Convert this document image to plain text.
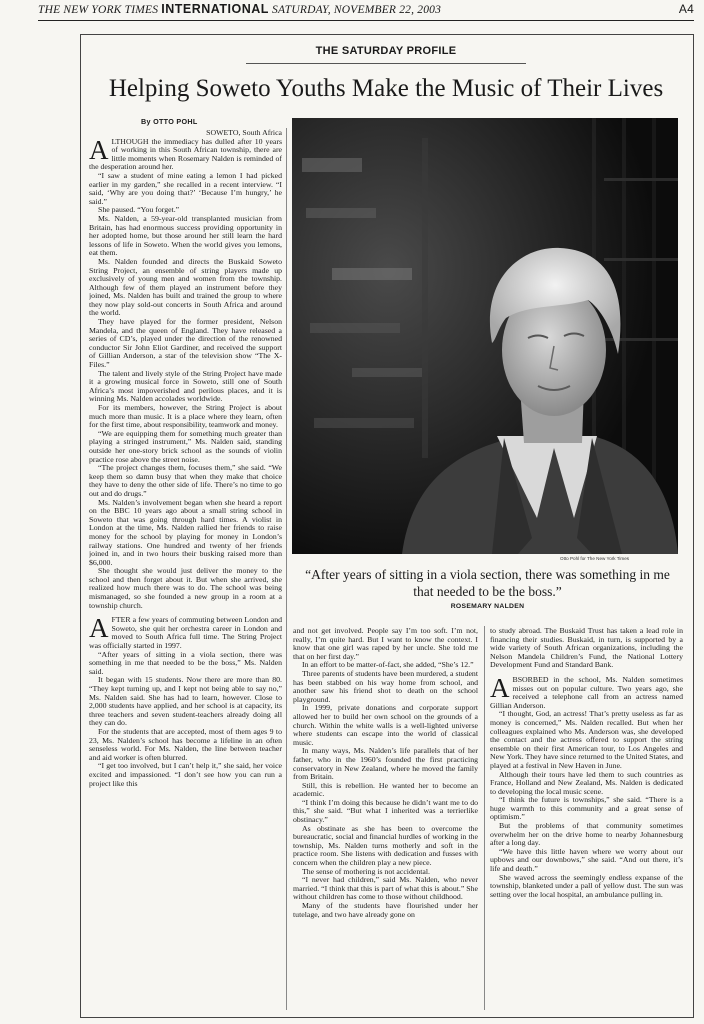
THE NEW YORK TIMES INTERNATIONAL SATURDAY, NOVEMBER 22, 2003	A4
THE SATURDAY PROFILE
Helping Soweto Youths Make the Music of Their Lives
By OTTO POHL

SOWETO, South Africa

ALTHOUGH the immediacy has dulled after 10 years of working in this South African township, there are little moments when Rosemary Nalden is reminded of the desperation around her.

“I saw a student of mine eating a lemon I had picked earlier in my garden,” she recalled in a recent interview. “I said, ‘Why are you doing that?’ ‘Because I’m hungry,’ he said.”

She paused. “You forget.”

Ms. Nalden, a 59-year-old transplanted musician from Britain, has had enormous success providing opportunity in her adopted home, but those around her still learn the hard lessons of life in Soweto. When the world gives you lemons, eat them.

Ms. Nalden founded and directs the Buskaid Soweto String Project, an ensemble of string players made up exclusively of young men and women from the township. Although few of them played an instrument before they joined, Ms. Nalden has built and trained the group to where they now play sold-out concerts in South Africa and around the world.

They have played for the former president, Nelson Mandela, and the queen of England. They have released a series of CD’s, played under the direction of the renowned conductor Sir John Eliot Gardiner, and received the support of Gillian Anderson, a star of the television show “The X-Files.”

The talent and lively style of the String Project have made it a growing musical force in Soweto, still one of South Africa’s most impoverished and perilous places, and it is winning Ms. Nalden accolades worldwide.

For its members, however, the String Project is about much more than music. It is a place where they learn, often for the first time, about responsibility, teamwork and money.

“We are equipping them for something much greater than playing a stringed instrument,” Ms. Nalden said, standing outside her one-story brick school as the sounds of violin practice rose above the street noise.

“The project changes them, focuses them,” she said. “We keep them so damn busy that when they make that choice they have to deny the other side of life. There’s no time to go out and do drugs.”

Ms. Nalden’s involvement began when she heard a report on the BBC 10 years ago about a small string school in Soweto that was going through hard times. A violist in London at the time, Ms. Nalden rallied her friends to raise money for the school by playing for money in London’s railway stations. One hundred and twenty of her friends joined in, and in two hours their busking raised more than $6,000.

She thought she would just deliver the money to the school and then forget about it. But when she arrived, she realized how much there was to do. The school was being mismanaged, so she founded a new group in a room at a township church.

AFTER a few years of commuting between London and Soweto, she quit her orchestra career in London and moved to South Africa full time. The String Project was officially started in 1997.

“After years of sitting in a viola section, there was something in me that needed to be the boss,” Ms. Nalden said.

It began with 15 students. Now there are more than 80. “They kept turning up, and I kept not being able to say no,” Ms. Nalden said. She has had to learn, however. Close to 2,000 students have applied, and her school is at capacity, its three teachers and seven student-teachers already doing all they can do.

For the students that are accepted, most of them ages 9 to 23, Ms. Nalden’s school has become a lifeline in an often senseless world. For Ms. Nalden, the line between teacher and aid worker is often blurred.

“I get too involved, but I can’t help it,” she said, her voice excited and impassioned. “I don’t see how you can run a project like this

Otto Pohl for The New York Times
“After years of sitting in a viola section, there was something in me that needed to be the boss.”
ROSEMARY NALDEN

and not get involved. People say I’m too soft. I’m not, really, I’m quite hard. But I want to know the context. I know that one girl was raped by her uncle. She told me that on her first day.”

In an effort to be matter-of-fact, she added, “She’s 12.”

Three parents of students have been murdered, a student has been stabbed on his way home from school, and another saw his friend shot to death on the school playground.

In 1999, private donations and corporate support allowed her to build her own school on the grounds of a church. Within the white walls is a well-lighted universe where students can escape into the world of classical music.

In many ways, Ms. Nalden’s life parallels that of her father, who in the 1960’s founded the first practicing conservatory in New Zealand, where he moved the family from Britain.

Still, this is rebellion. He wanted her to become an academic.

“I think I’m doing this because he didn’t want me to do this,” she said. “But what I inherited was a terrierlike obstinacy.”

As obstinate as she has been to overcome the bureaucratic, social and financial hurdles of working in the township, Ms. Nalden turns motherly and soft in the practice room. She listens with dedication and fusses with concern when the children play a new piece.

The sense of mothering is not accidental.

“I never had children,” said Ms. Nalden, who never married. “I think that this is part of what this is about.” She without children has come to those without childhood.

Many of the students have flourished under her tutelage, and two have already gone on

to study abroad. The Buskaid Trust has taken a lead role in financing their studies. Buskaid, in turn, is supported by a wide variety of South African organizations, including the Nelson Mandela Children’s Fund, the National Lottery Development Fund and Standard Bank.

ABSORBED in the school, Ms. Nalden sometimes misses out on popular culture. Two years ago, she received a telephone call from an actress named Gillian Anderson.

“I thought, God, an actress! That’s pretty useless as far as money is concerned,” Ms. Nalden recalled. But when her colleagues explained who Ms. Anderson was, she developed the contact and the actress offered to support the string ensemble on their first American tour, to Los Angeles and New York. They have since returned to the United States, and played at a festival in New Haven in June.

Although their tours have led them to such countries as France, Holland and New Zealand, Ms. Nalden is dedicated to developing the local music scene.

“I think the future is townships,” she said. “There is a huge warmth to this community and a great sense of optimism.”

But the problems of that community sometimes overwhelm her on the drive home to nearby Johannesburg after a long day.

“We have this little haven where we worry about our upbows and our downbows,” she said. “And out there, it’s life and death.”

She waved across the seemingly endless expanse of the township, blanketed under a pall of yellow dust. The sun was setting over the local hospital, an ambulance pulling in.
